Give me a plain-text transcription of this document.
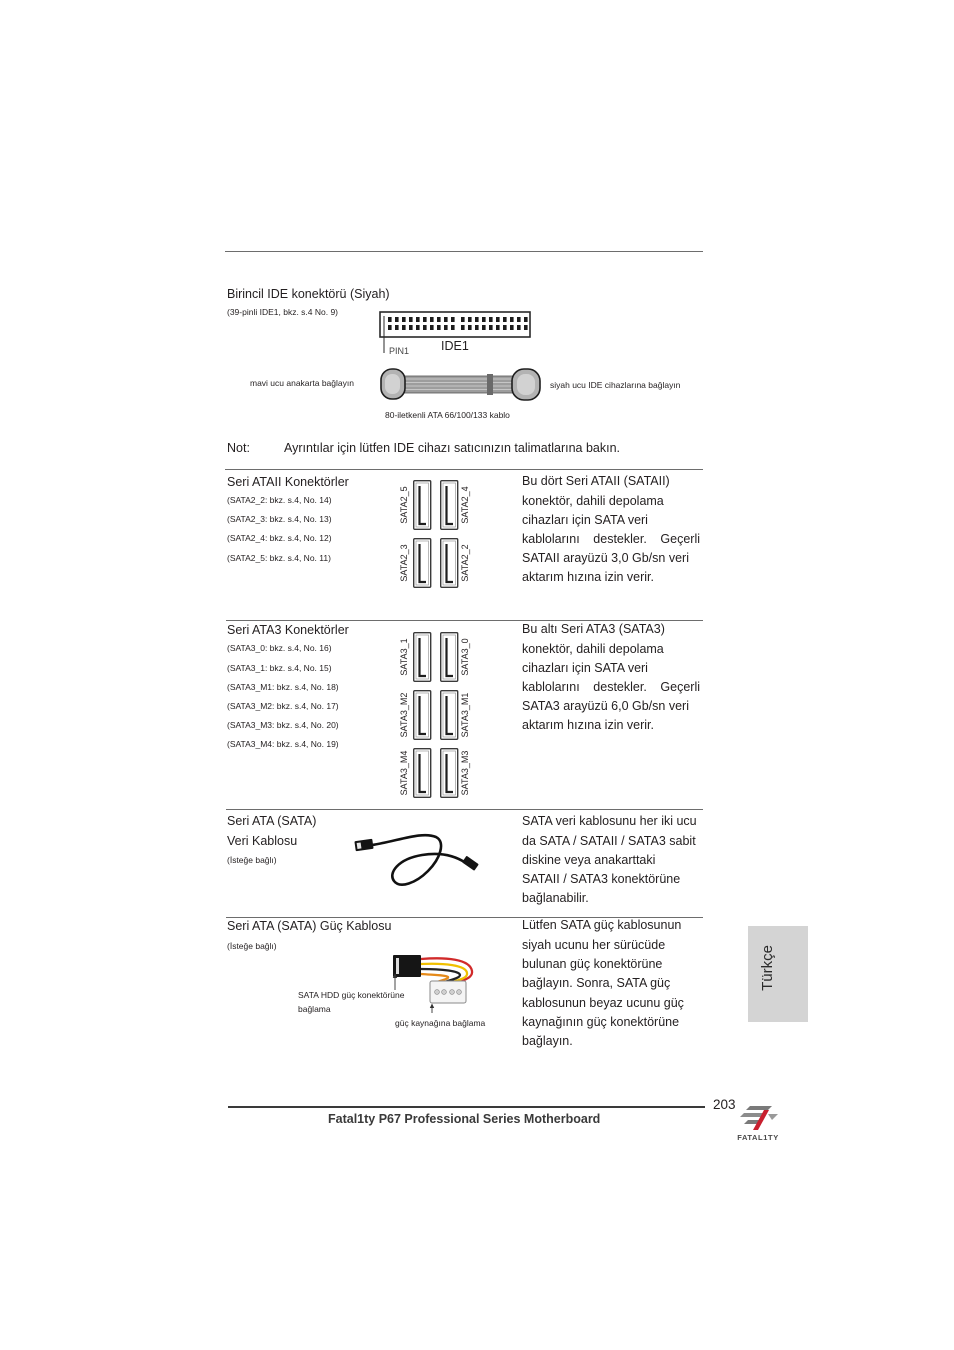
Birincil IDE konektörü (Siyah)
(39-pinli IDE1, bkz. s.4 No. 9)
PIN1	IDE1
mavi ucu anakarta bağlayın	siyah ucu IDE cihazlarına bağlayın
80-iletkenli ATA 66/100/133 kablo
Not:	Ayrıntılar için lütfen IDE cihazı satıcınızın talimatlarına bakın.
Seri ATAII Konektörler
(SATA2_2: bkz. s.4, No. 14)
(SATA2_3: bkz. s.4, No. 13)
(SATA2_4: bkz. s.4, No. 12)
(SATA2_5: bkz. s.4, No. 11)
SATA2_5	SATA2_4
SATA2_3	SATA2_2
Bu dört Seri ATAII (SATAII)
konektör, dahili depolama
cihazları için SATA veri
kablolarını destekler. Geçerli
SATAII arayüzü 3,0 Gb/sn veri
aktarım hızına izin verir.
Seri ATA3 Konektörler
(SATA3_0: bkz. s.4, No. 16)
(SATA3_1: bkz. s.4, No. 15)
(SATA3_M1: bkz. s.4, No. 18)
(SATA3_M2: bkz. s.4, No. 17)
(SATA3_M3: bkz. s.4, No. 20)
(SATA3_M4: bkz. s.4, No. 19)
SATA3_1	SATA3_0
SATA3_M2	SATA3_M1
SATA3_M4	SATA3_M3
Bu altı Seri ATA3 (SATA3)
konektör, dahili depolama
cihazları için SATA veri
kablolarını destekler. Geçerli
SATA3 arayüzü 6,0 Gb/sn veri
aktarım hızına izin verir.
Seri ATA (SATA)
Veri Kablosu
(İsteğe bağlı)
SATA veri kablosunu her iki ucu
da SATA / SATAII / SATA3 sabit
diskine veya anakarttaki
SATAII / SATA3 konektörüne
bağlanabilir.
Seri ATA (SATA) Güç Kablosu
(İsteğe bağlı)
SATA HDD güç konektörüne
bağlama
güç kaynağına bağlama
Lütfen SATA güç kablosunun
siyah ucunu her sürücüde
bulunan güç konektörüne
bağlayın. Sonra, SATA güç
kablosunun beyaz ucunu güç
kaynağının güç konektörüne
bağlayın.
Türkçe
203
Fatal1ty P67 Professional Series Motherboard
FATAL1TY
